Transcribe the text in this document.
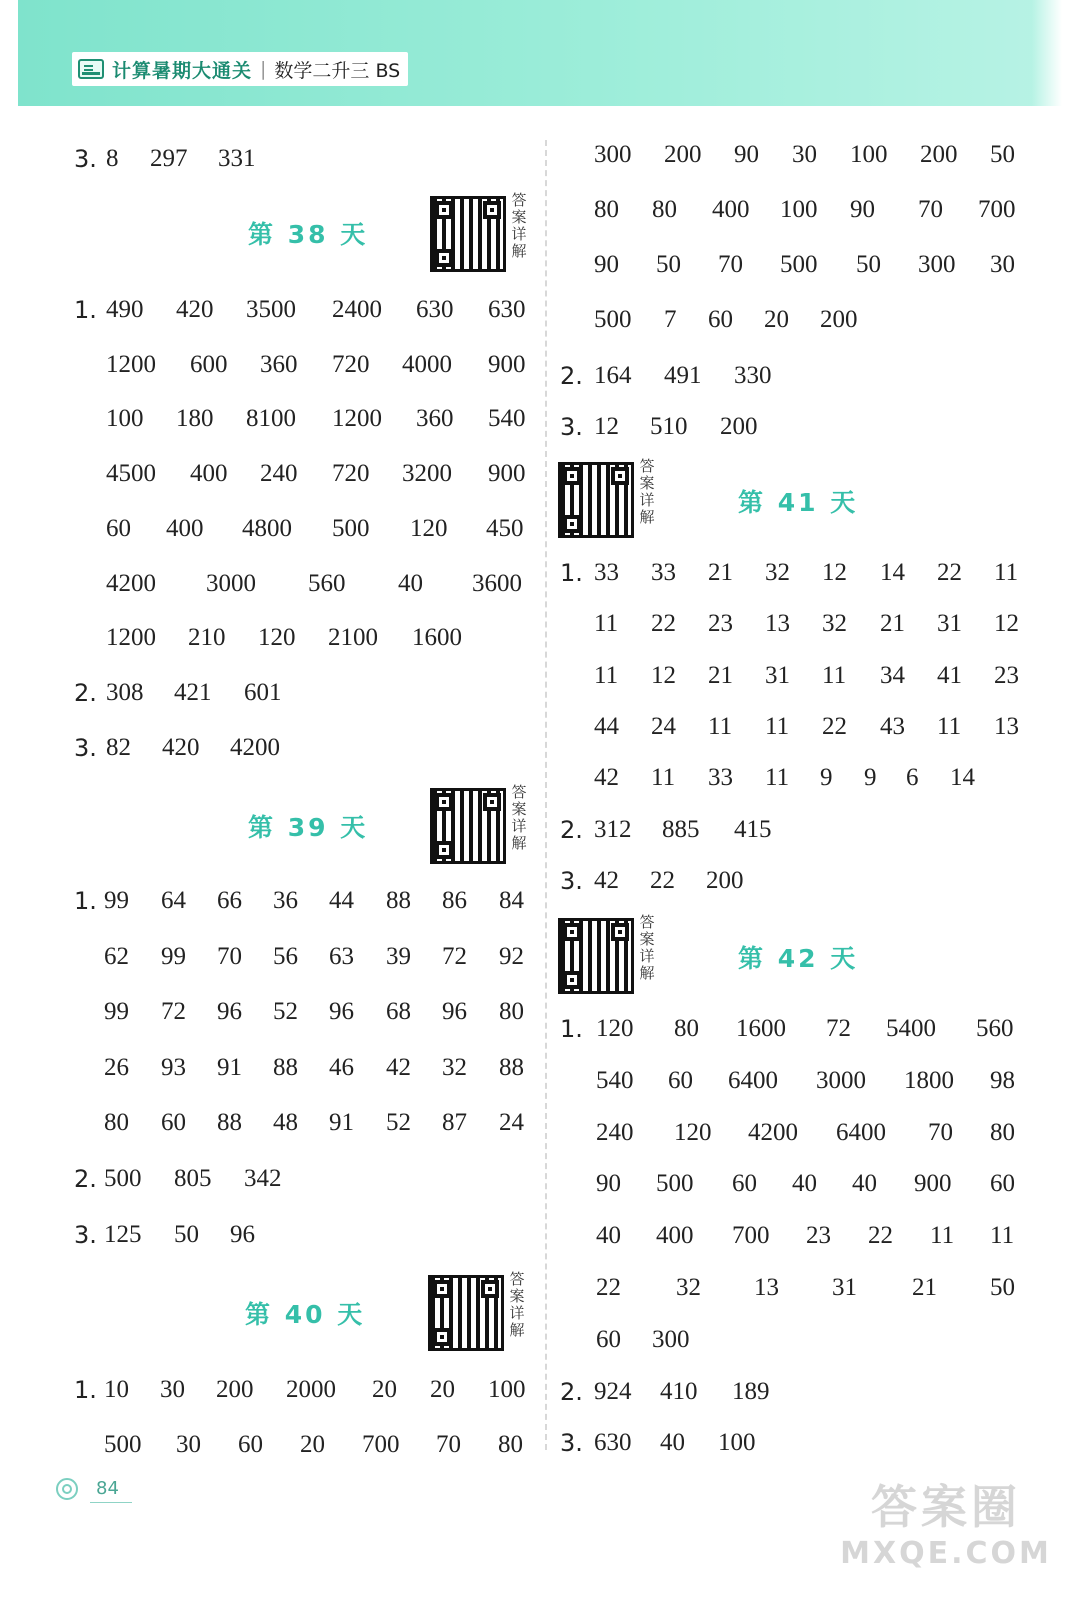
计算暑期大通关 | 数学二升三 BS
3. 8 297 331
第 38 天
答
案
详
解
1. 490 420 3500 2400 630 630
1200 600 360 720 4000 900
100 180 8100 1200 360 540
4500 400 240 720 3200 900
60 400 4800 500 120 450
4200 3000 560 40 3600
1200 210 120 2100 1600
2. 308 421 601
3. 82 420 4200
第 39 天
答
案
详
解
1. 99 64 66 36 44 88 86 84
62 99 70 56 63 39 72 92
99 72 96 52 96 68 96 80
26 93 91 88 46 42 32 88
80 60 88 48 91 52 87 24
2. 500 805 342
3. 125 50 96
第 40 天
答
案
详
解
1. 10 30 200 2000 20 20 100
500 30 60 20 700 70 80
300 200 90 30 100 200 50
80 80 400 100 90 70 700
90 50 70 500 50 300 30
500 7 60 20 200
2. 164 491 330
3. 12 510 200
答
案
详
解	第 41 天
1. 33 33 21 32 12 14 22 11
11 22 23 13 32 21 31 12
11 12 21 31 11 34 41 23
44 24 11 11 22 43 11 13
42 11 33 11 9 9 6 14
2. 312 885 415
3. 42 22 200
答
案
详
解	第 42 天
1. 120 80 1600 72 5400 560
540 60 6400 3000 1800 98
240 120 4200 6400 70 80
90 500 60 40 40 900 60
40 400 700 23 22 11 11
22 32 13 31 21 50
60 300
2. 924 410 189
3. 630 40 100
84	答案圈
MXQE.COM
